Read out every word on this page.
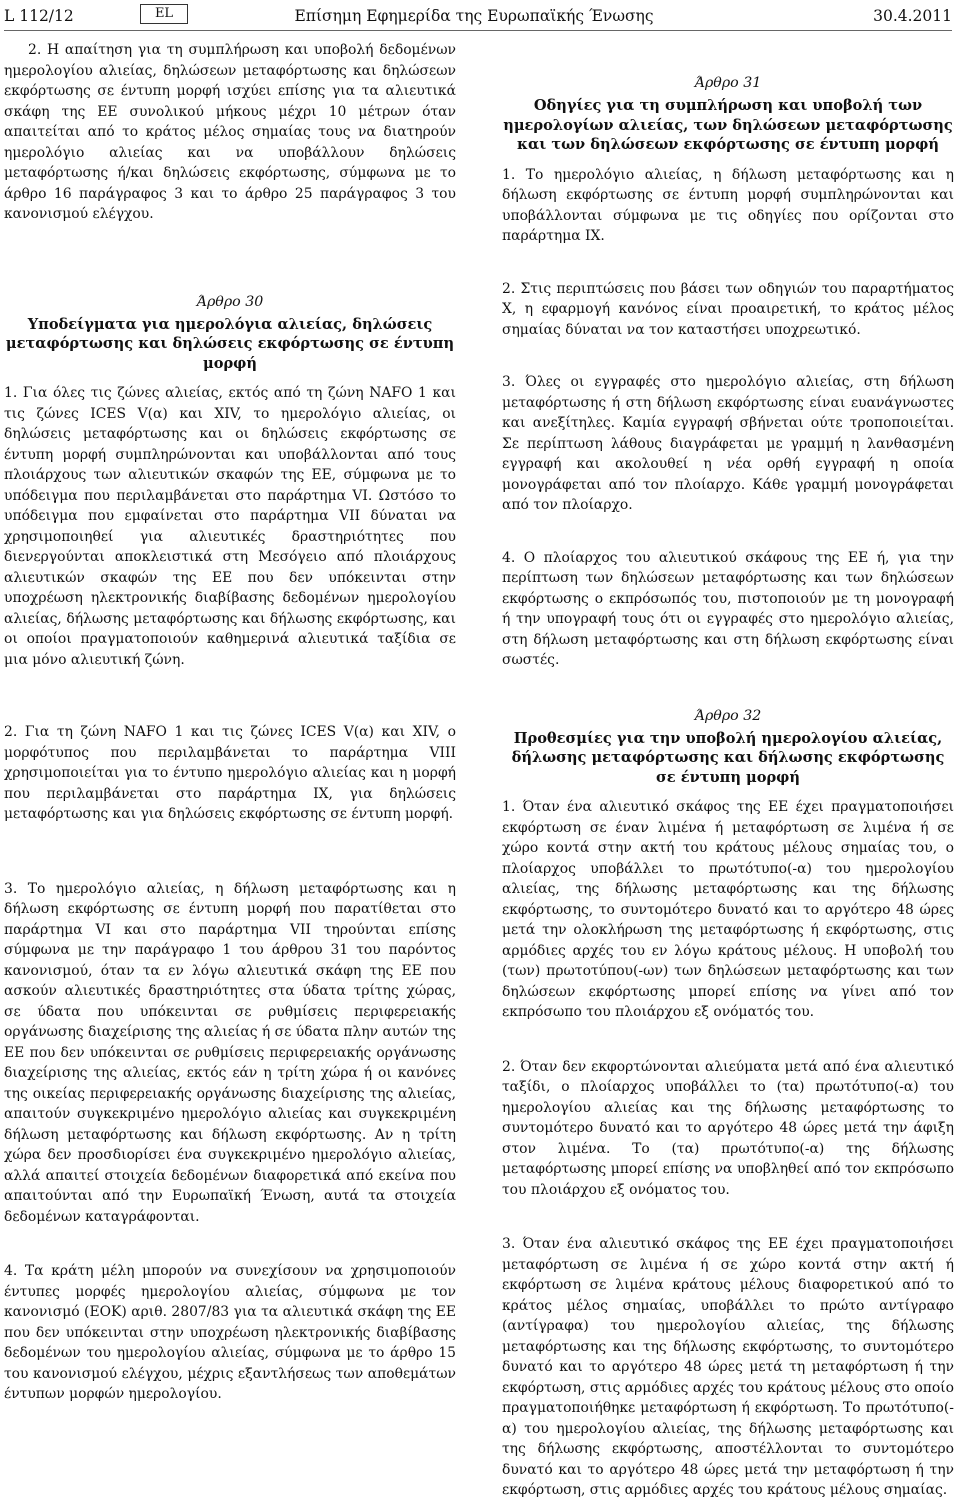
L 112/12	EL	Επίσημη Εφημερίδα της Ευρωπαϊκής Ένωσης	30.4.2011

2. Η απαίτηση για τη συμπλήρωση και υποβολή δεδομένων ημερολογίου αλιείας, δηλώσεων μεταφόρτωσης και δηλώσεων εκφόρτωσης σε έντυπη μορφή ισχύει επίσης για τα αλιευτικά σκάφη της ΕΕ συνολικού μήκους μέχρι 10 μέτρων όταν απαιτείται από το κράτος μέλος σημαίας τους να διατηρούν ημερολόγιο αλιείας και να υποβάλλουν δηλώσεις μεταφόρτωσης ή/και δηλώσεις εκφόρτωσης, σύμφωνα με το άρθρο 16 παράγραφος 3 και το άρθρο 25 παράγραφος 3 του κανονισμού ελέγχου.

Άρθρο 30

Υποδείγματα για ημερολόγια αλιείας, δηλώσεις μεταφόρτωσης και δηλώσεις εκφόρτωσης σε έντυπη μορφή

1. Για όλες τις ζώνες αλιείας, εκτός από τη ζώνη NAFO 1 και τις ζώνες ICES V(α) και XIV, το ημερολόγιο αλιείας, οι δηλώσεις μεταφόρτωσης και οι δηλώσεις εκφόρτωσης σε έντυπη μορφή συμπληρώνονται και υποβάλλονται από τους πλοιάρχους των αλιευτικών σκαφών της ΕΕ, σύμφωνα με το υπόδειγμα που περιλαμβάνεται στο παράρτημα VI. Ωστόσο το υπόδειγμα που εμφαίνεται στο παράρτημα VII δύναται να χρησιμοποιηθεί για αλιευτικές δραστηριότητες που διενεργούνται αποκλειστικά στη Μεσόγειο από πλοιάρχους αλιευτικών σκαφών της ΕΕ που δεν υπόκεινται στην υποχρέωση ηλεκτρονικής διαβίβασης δεδομένων ημερολογίου αλιείας, δήλωσης μεταφόρτωσης και δήλωσης εκφόρτωσης, και οι οποίοι πραγματοποιούν καθημερινά αλιευτικά ταξίδια σε μια μόνο αλιευτική ζώνη.

2. Για τη ζώνη NAFO 1 και τις ζώνες ICES V(α) και XIV, ο μορφότυπος που περιλαμβάνεται το παράρτημα VIII χρησιμοποιείται για το έντυπο ημερολόγιο αλιείας και η μορφή που περιλαμβάνεται στο παράρτημα IX, για δηλώσεις μεταφόρτωσης και για δηλώσεις εκφόρτωσης σε έντυπη μορφή.

3. Το ημερολόγιο αλιείας, η δήλωση μεταφόρτωσης και η δήλωση εκφόρτωσης σε έντυπη μορφή που παρατίθεται στο παράρτημα VI και στο παράρτημα VII τηρούνται επίσης σύμφωνα με την παράγραφο 1 του άρθρου 31 του παρόντος κανονισμού, όταν τα εν λόγω αλιευτικά σκάφη της ΕΕ που ασκούν αλιευτικές δραστηριότητες στα ύδατα τρίτης χώρας, σε ύδατα που υπόκεινται σε ρυθμίσεις περιφερειακής οργάνωσης διαχείρισης της αλιείας ή σε ύδατα πλην αυτών της ΕΕ που δεν υπόκεινται σε ρυθμίσεις περιφερειακής οργάνωσης διαχείρισης της αλιείας, εκτός εάν η τρίτη χώρα ή οι κανόνες της οικείας περιφερειακής οργάνωσης διαχείρισης της αλιείας, απαιτούν συγκεκριμένο ημερολόγιο αλιείας και συγκεκριμένη δήλωση μεταφόρτωσης και δήλωση εκφόρτωσης. Αν η τρίτη χώρα δεν προσδιορίσει ένα συγκεκριμένο ημερολόγιο αλιείας, αλλά απαιτεί στοιχεία δεδομένων διαφορετικά από εκείνα που απαιτούνται από την Ευρωπαϊκή Ένωση, αυτά τα στοιχεία δεδομένων καταγράφονται.

4. Τα κράτη μέλη μπορούν να συνεχίσουν να χρησιμοποιούν έντυπες μορφές ημερολογίου αλιείας, σύμφωνα με τον κανονισμό (ΕΟΚ) αριθ. 2807/83 για τα αλιευτικά σκάφη της ΕΕ που δεν υπόκεινται στην υποχρέωση ηλεκτρονικής διαβίβασης δεδομένων του ημερολογίου αλιείας, σύμφωνα με το άρθρο 15 του κανονισμού ελέγχου, μέχρις εξαντλήσεως των αποθεμάτων έντυπων μορφών ημερολογίου.

Άρθρο 31

Οδηγίες για τη συμπλήρωση και υποβολή των ημερολογίων αλιείας, των δηλώσεων μεταφόρτωσης και των δηλώσεων εκφόρτωσης σε έντυπη μορφή

1. Το ημερολόγιο αλιείας, η δήλωση μεταφόρτωσης και η δήλωση εκφόρτωσης σε έντυπη μορφή συμπληρώνονται και υποβάλλονται σύμφωνα με τις οδηγίες που ορίζονται στο παράρτημα IX.

2. Στις περιπτώσεις που βάσει των οδηγιών του παραρτήματος X, η εφαρμογή κανόνος είναι προαιρετική, το κράτος μέλος σημαίας δύναται να τον καταστήσει υποχρεωτικό.

3. Όλες οι εγγραφές στο ημερολόγιο αλιείας, στη δήλωση μεταφόρτωσης ή στη δήλωση εκφόρτωσης είναι ευανάγνωστες και ανεξίτηλες. Καμία εγγραφή σβήνεται ούτε τροποποιείται. Σε περίπτωση λάθους διαγράφεται με γραμμή η λανθασμένη εγγραφή και ακολουθεί η νέα ορθή εγγραφή η οποία μονογράφεται από τον πλοίαρχο. Κάθε γραμμή μονογράφεται από τον πλοίαρχο.

4. Ο πλοίαρχος του αλιευτικού σκάφους της ΕΕ ή, για την περίπτωση των δηλώσεων μεταφόρτωσης και των δηλώσεων εκφόρτωσης ο εκπρόσωπός του, πιστοποιούν με τη μονογραφή ή την υπογραφή τους ότι οι εγγραφές στο ημερολόγιο αλιείας, στη δήλωση μεταφόρτωσης και στη δήλωση εκφόρτωσης είναι σωστές.

Άρθρο 32

Προθεσμίες για την υποβολή ημερολογίου αλιείας, δήλωσης μεταφόρτωσης και δήλωσης εκφόρτωσης σε έντυπη μορφή

1. Όταν ένα αλιευτικό σκάφος της ΕΕ έχει πραγματοποιήσει εκφόρτωση σε έναν λιμένα ή μεταφόρτωση σε λιμένα ή σε χώρο κοντά στην ακτή του κράτους μέλους σημαίας του, ο πλοίαρχος υποβάλλει το πρωτότυπο(-α) του ημερολογίου αλιείας, της δήλωσης μεταφόρτωσης και της δήλωσης εκφόρτωσης, το συντομότερο δυνατό και το αργότερο 48 ώρες μετά την ολοκλήρωση της μεταφόρτωσης ή εκφόρτωσης, στις αρμόδιες αρχές του εν λόγω κράτους μέλους. Η υποβολή του (των) πρωτοτύπου(-ων) των δηλώσεων μεταφόρτωσης και των δηλώσεων εκφόρτωσης μπορεί επίσης να γίνει από τον εκπρόσωπο του πλοιάρχου εξ ονόματός του.

2. Όταν δεν εκφορτώνονται αλιεύματα μετά από ένα αλιευτικό ταξίδι, ο πλοίαρχος υποβάλλει το (τα) πρωτότυπο(-α) του ημερολογίου αλιείας και της δήλωσης μεταφόρτωσης το συντομότερο δυνατό και το αργότερο 48 ώρες μετά την άφιξη στον λιμένα. Το (τα) πρωτότυπο(-α) της δήλωσης μεταφόρτωσης μπορεί επίσης να υποβληθεί από τον εκπρόσωπο του πλοιάρχου εξ ονόματος του.

3. Όταν ένα αλιευτικό σκάφος της ΕΕ έχει πραγματοποιήσει μεταφόρτωση σε λιμένα ή σε χώρο κοντά στην ακτή ή εκφόρτωση σε λιμένα κράτους μέλους διαφορετικού από το κράτος μέλος σημαίας, υποβάλλει το πρώτο αντίγραφο (αντίγραφα) του ημερολογίου αλιείας, της δήλωσης μεταφόρτωσης και της δήλωσης εκφόρτωσης, το συντομότερο δυνατό και το αργότερο 48 ώρες μετά τη μεταφόρτωση ή την εκφόρτωση, στις αρμόδιες αρχές του κράτους μέλους στο οποίο πραγματοποιήθηκε μεταφόρτωση ή εκφόρτωση. Το πρωτότυπο(-α) του ημερολογίου αλιείας, της δήλωσης μεταφόρτωσης και της δήλωσης εκφόρτωσης, αποστέλλονται το συντομότερο δυνατό και το αργότερο 48 ώρες μετά την μεταφόρτωση ή την εκφόρτωση, στις αρμόδιες αρχές του κράτους μέλους σημαίας.
